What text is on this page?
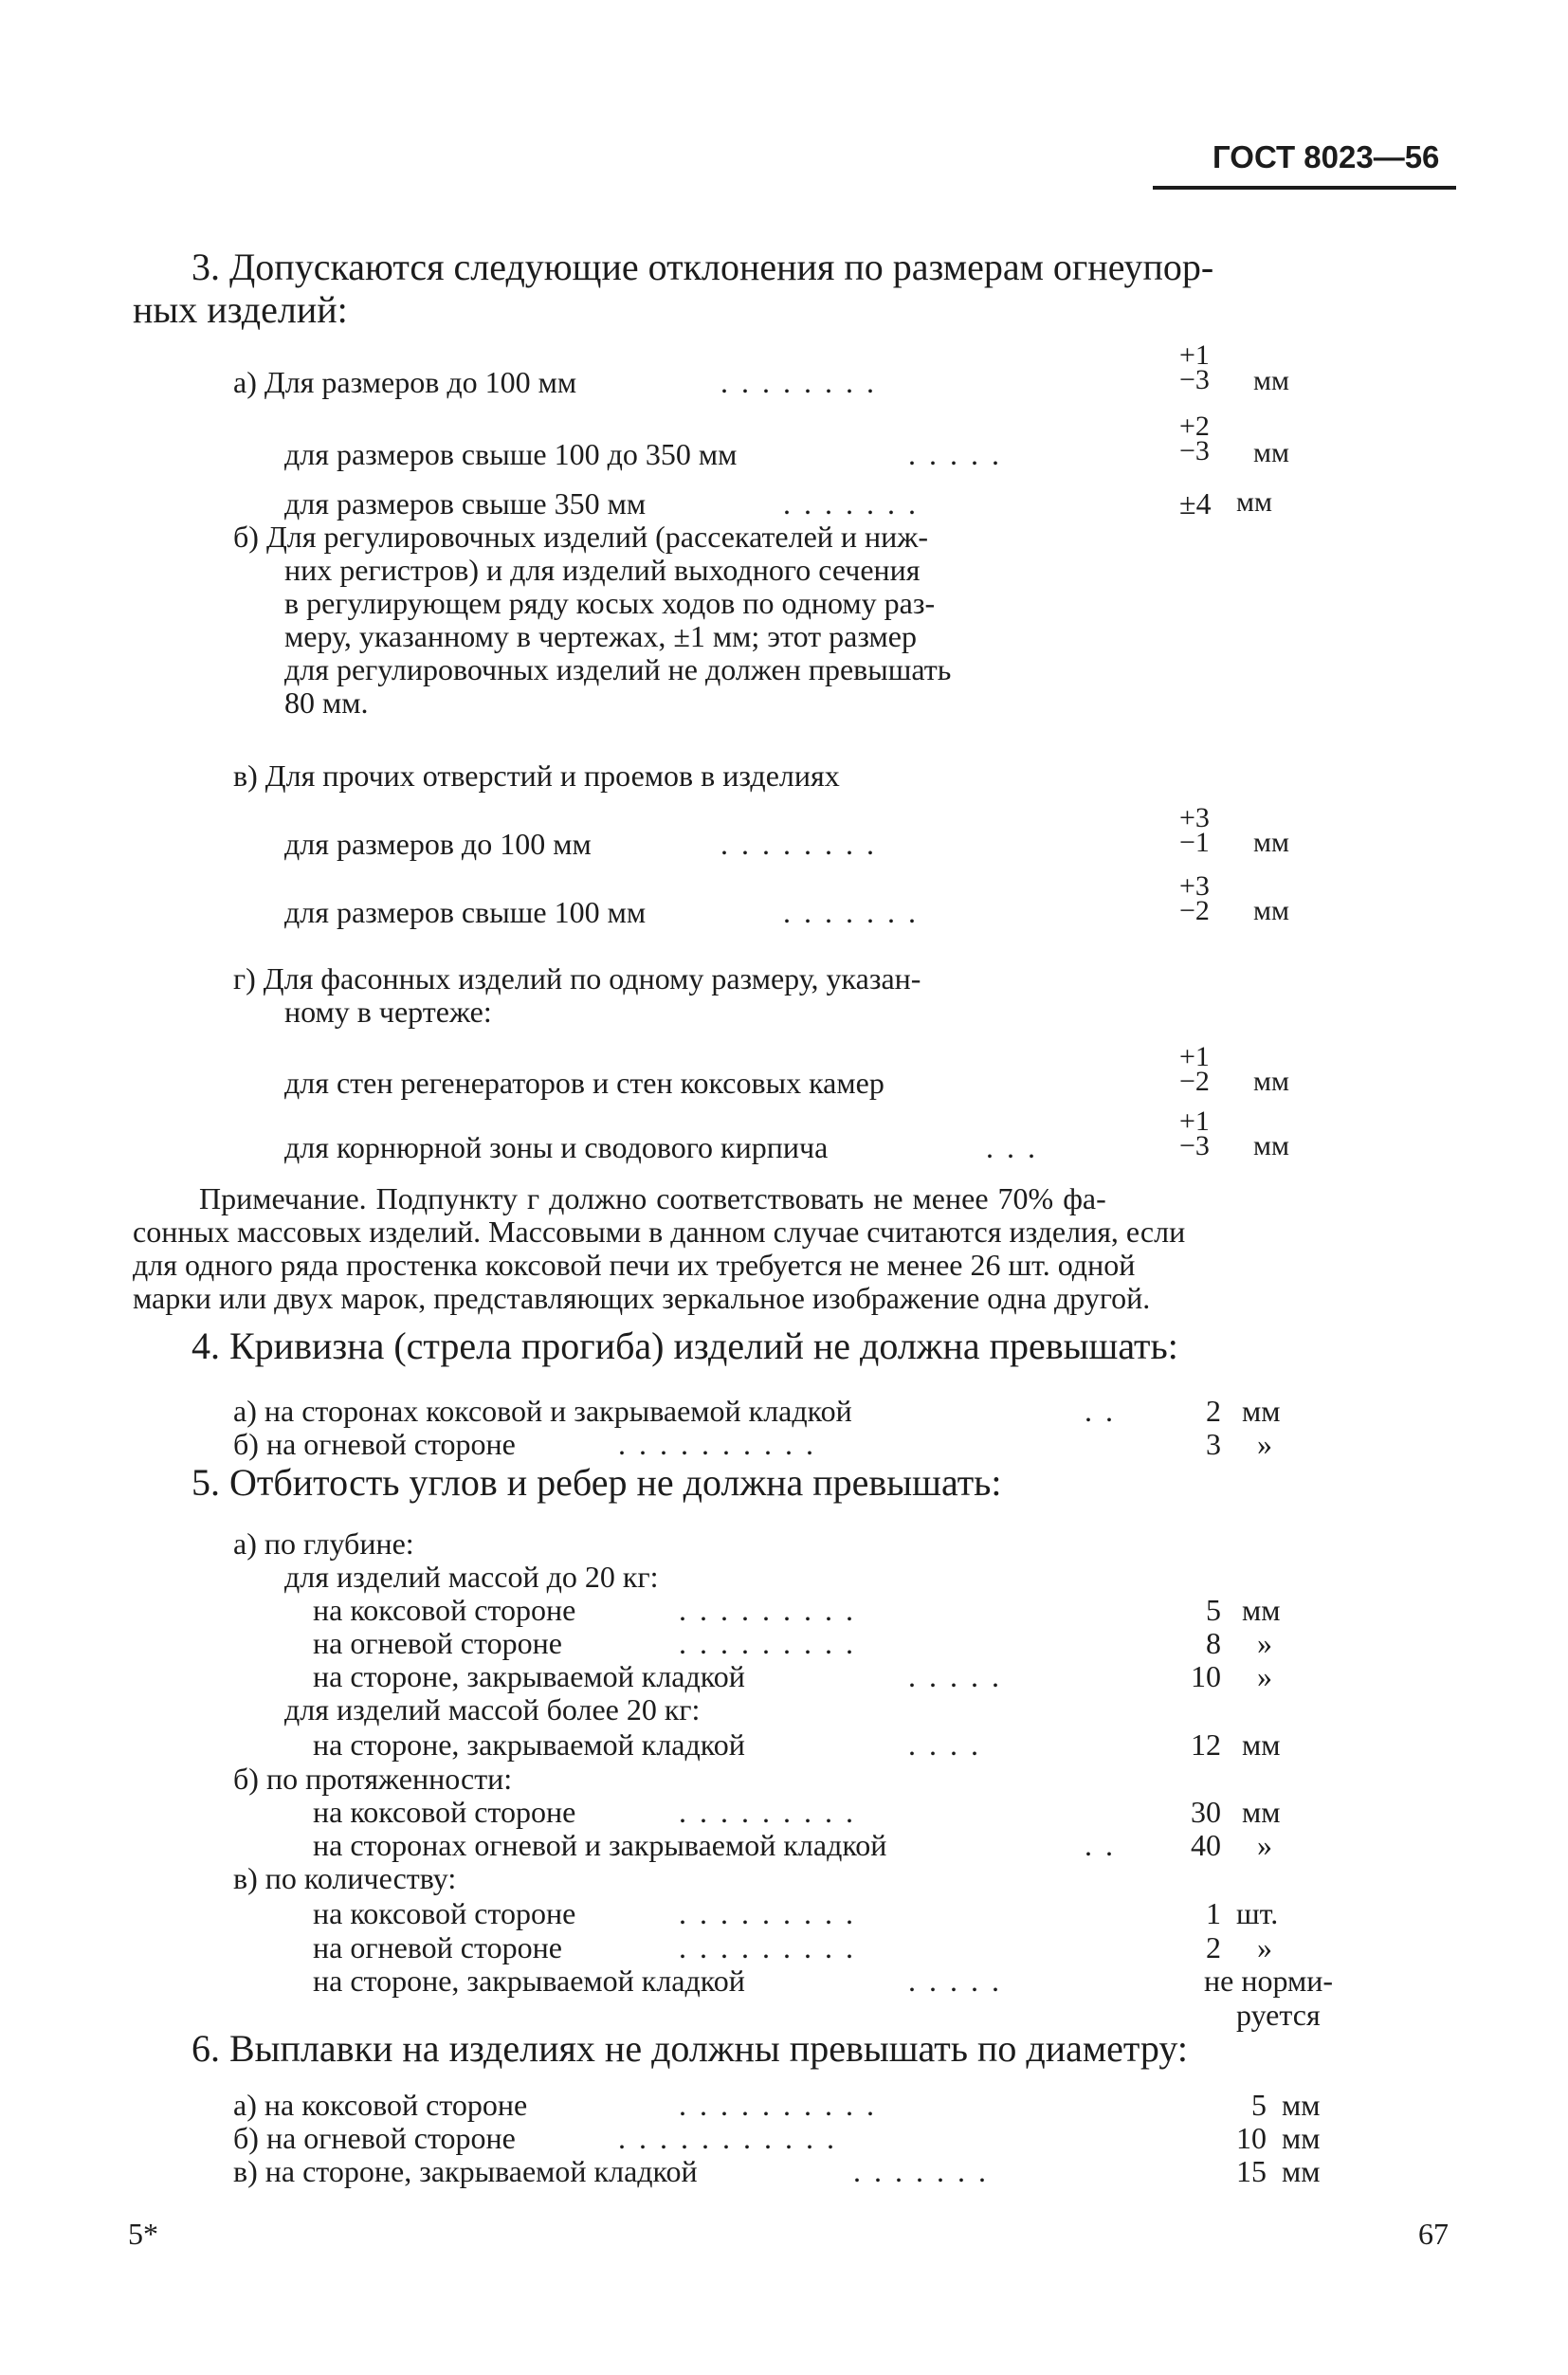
ГОСТ 8023—56
3. Допускаются следующие отклонения по размерам огнеупор-
ных изделий:
а) Для размеров до 100 мм	........
+1
−3 мм
для размеров свыше 100 до 350 мм	.....
+2
−3 мм
для размеров свыше 350 мм	.......	±4 мм
б) Для регулировочных изделий (рассекателей и ниж-
них регистров) и для изделий выходного сечения
в регулирующем ряду косых ходов по одному раз-
меру, указанному в чертежах, ±1 мм; этот размер
для регулировочных изделий не должен превышать
80 мм.
в) Для прочих отверстий и проемов в изделиях
для размеров до 100 мм	........
+3
−1 мм
для размеров свыше 100 мм	.......
+3
−2 мм
г) Для фасонных изделий по одному размеру, указан-
ному в чертеже:
для стен регенераторов и стен коксовых камер
+1
−2 мм
для корнюрной зоны и сводового кирпича	...
+1
−3 мм
Примечание. Подпункту г должно соответствовать не менее 70% фа-
сонных массовых изделий. Массовыми в данном случае считаются изделия, если
для одного ряда простенка коксовой печи их требуется не менее 26 шт. одной
марки или двух марок, представляющих зеркальное изображение одна другой.
4. Кривизна (стрела прогиба) изделий не должна превышать:
а) на сторонах коксовой и закрываемой кладкой	..	2 мм
б) на огневой стороне	..........	3 »
5. Отбитость углов и ребер не должна превышать:
а) по глубине:
для изделий массой до 20 кг:
на коксовой стороне	.........	5 мм
на огневой стороне	.........	8 »
на стороне, закрываемой кладкой	.....	10 »
для изделий массой более 20 кг:
на стороне, закрываемой кладкой	....	12 мм
б) по протяженности:
на коксовой стороне	.........	30 мм
на сторонах огневой и закрываемой кладкой	.. 40 »
в) по количеству:
на коксовой стороне	.........	1 шт.
на огневой стороне	.........	2 »
на стороне, закрываемой кладкой	.....	не норми-
руется
6. Выплавки на изделиях не должны превышать по диаметру:
а) на коксовой стороне	..........	5 мм
б) на огневой стороне	...........	10 мм
в) на стороне, закрываемой кладкой	.......	15 мм
5*	67
